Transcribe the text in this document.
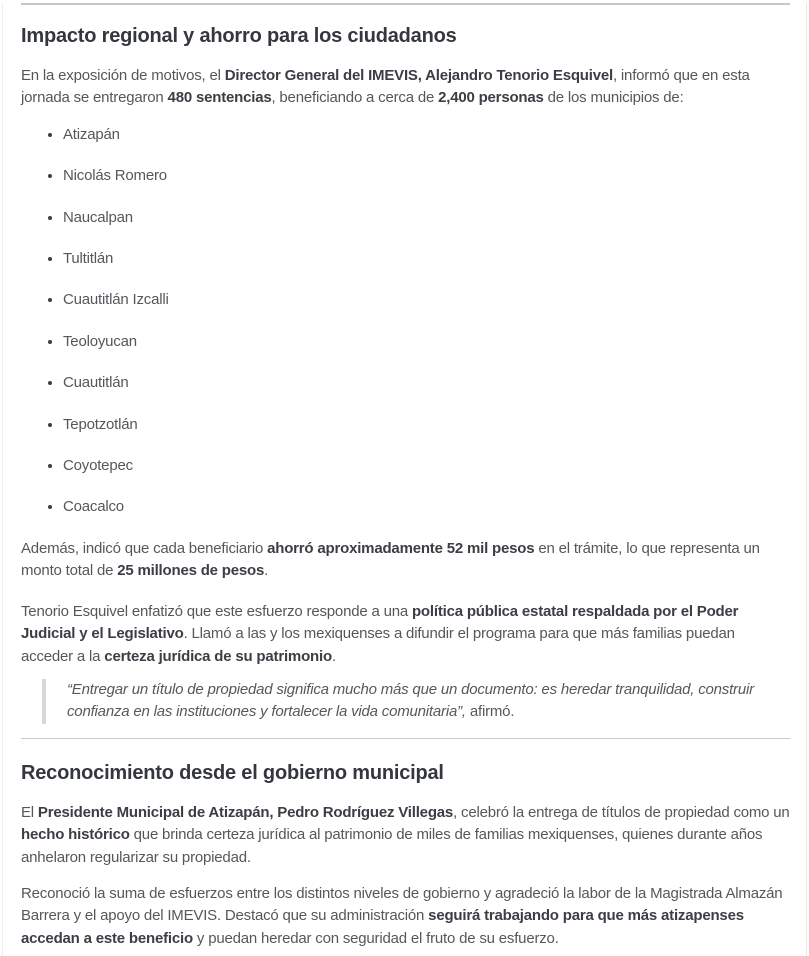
Impacto regional y ahorro para los ciudadanos

En la exposición de motivos, el Director General del IMEVIS, Alejandro Tenorio Esquivel, informó que en esta jornada se entregaron 480 sentencias, beneficiando a cerca de 2,400 personas de los municipios de:

• Atizapán
• Nicolás Romero
• Naucalpan
• Tultitlán
• Cuautitlán Izcalli
• Teoloyucan
• Cuautitlán
• Tepotzotlán
• Coyotepec
• Coacalco

Además, indicó que cada beneficiario ahorró aproximadamente 52 mil pesos en el trámite, lo que representa un monto total de 25 millones de pesos.

Tenorio Esquivel enfatizó que este esfuerzo responde a una política pública estatal respaldada por el Poder Judicial y el Legislativo. Llamó a las y los mexiquenses a difundir el programa para que más familias puedan acceder a la certeza jurídica de su patrimonio.

“Entregar un título de propiedad significa mucho más que un documento: es heredar tranquilidad, construir confianza en las instituciones y fortalecer la vida comunitaria”, afirmó.

Reconocimiento desde el gobierno municipal

El Presidente Municipal de Atizapán, Pedro Rodríguez Villegas, celebró la entrega de títulos de propiedad como un hecho histórico que brinda certeza jurídica al patrimonio de miles de familias mexiquenses, quienes durante años anhelaron regularizar su propiedad.

Reconoció la suma de esfuerzos entre los distintos niveles de gobierno y agradeció la labor de la Magistrada Almazán Barrera y el apoyo del IMEVIS. Destacó que su administración seguirá trabajando para que más atizapenses accedan a este beneficio y puedan heredar con seguridad el fruto de su esfuerzo.
